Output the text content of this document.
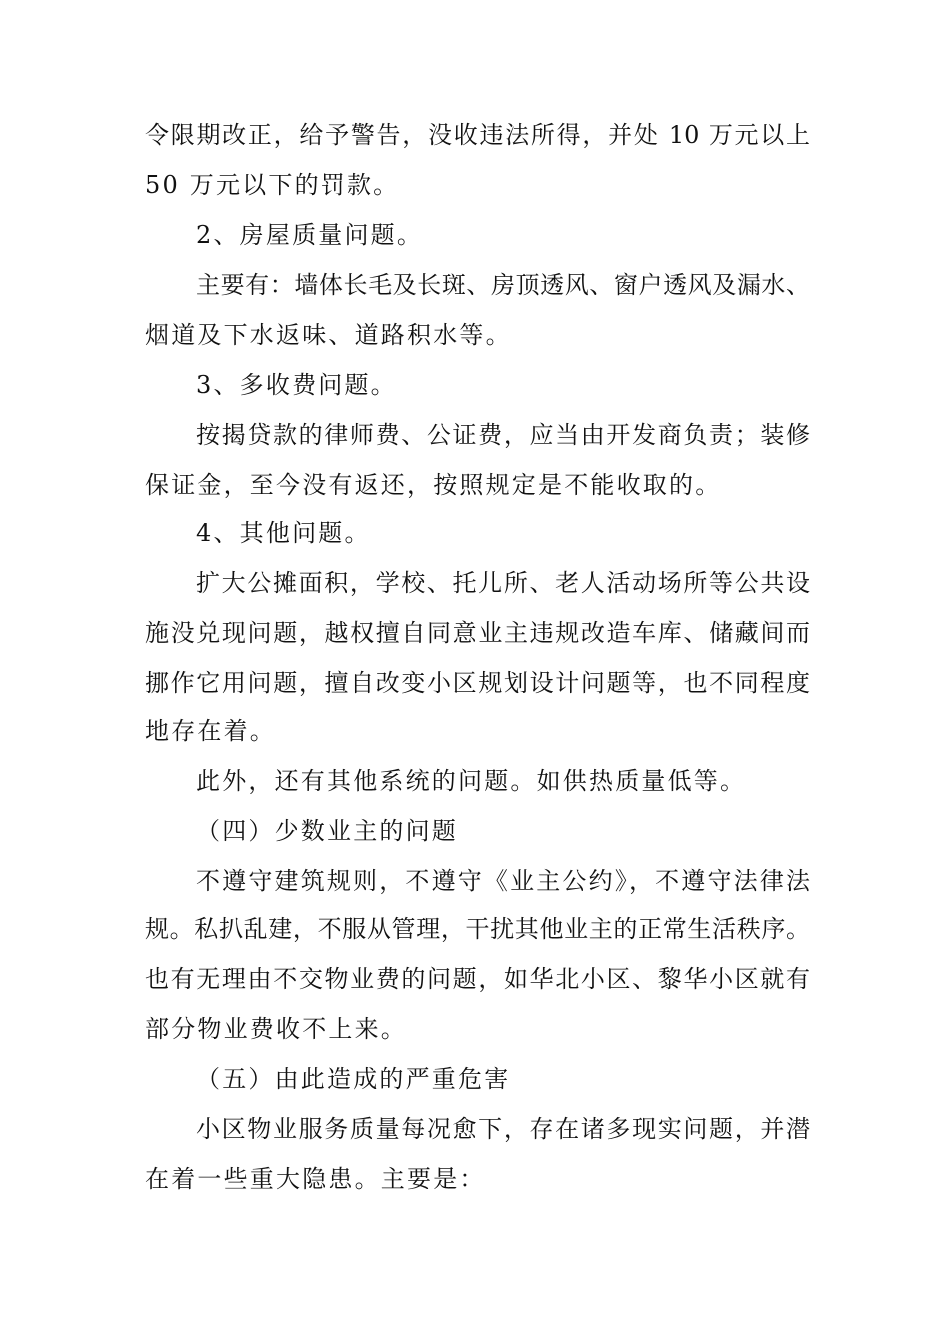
令限期改正，给予警告，没收违法所得，并处 10 万元以上
50 万元以下的罚款。
2、房屋质量问题。
主要有：墙体长毛及长斑、房顶透风、窗户透风及漏水、
烟道及下水返味、道路积水等。
3、多收费问题。
按揭贷款的律师费、公证费，应当由开发商负责；装修
保证金，至今没有返还，按照规定是不能收取的。
4、其他问题。
扩大公摊面积，学校、托儿所、老人活动场所等公共设
施没兑现问题，越权擅自同意业主违规改造车库、储藏间而
挪作它用问题，擅自改变小区规划设计问题等，也不同程度
地存在着。
此外，还有其他系统的问题。如供热质量低等。
（四）少数业主的问题
不遵守建筑规则，不遵守《业主公约》，不遵守法律法
规。私扒乱建，不服从管理，干扰其他业主的正常生活秩序。
也有无理由不交物业费的问题，如华北小区、黎华小区就有
部分物业费收不上来。
（五）由此造成的严重危害
小区物业服务质量每况愈下，存在诸多现实问题，并潜
在着一些重大隐患。主要是：
